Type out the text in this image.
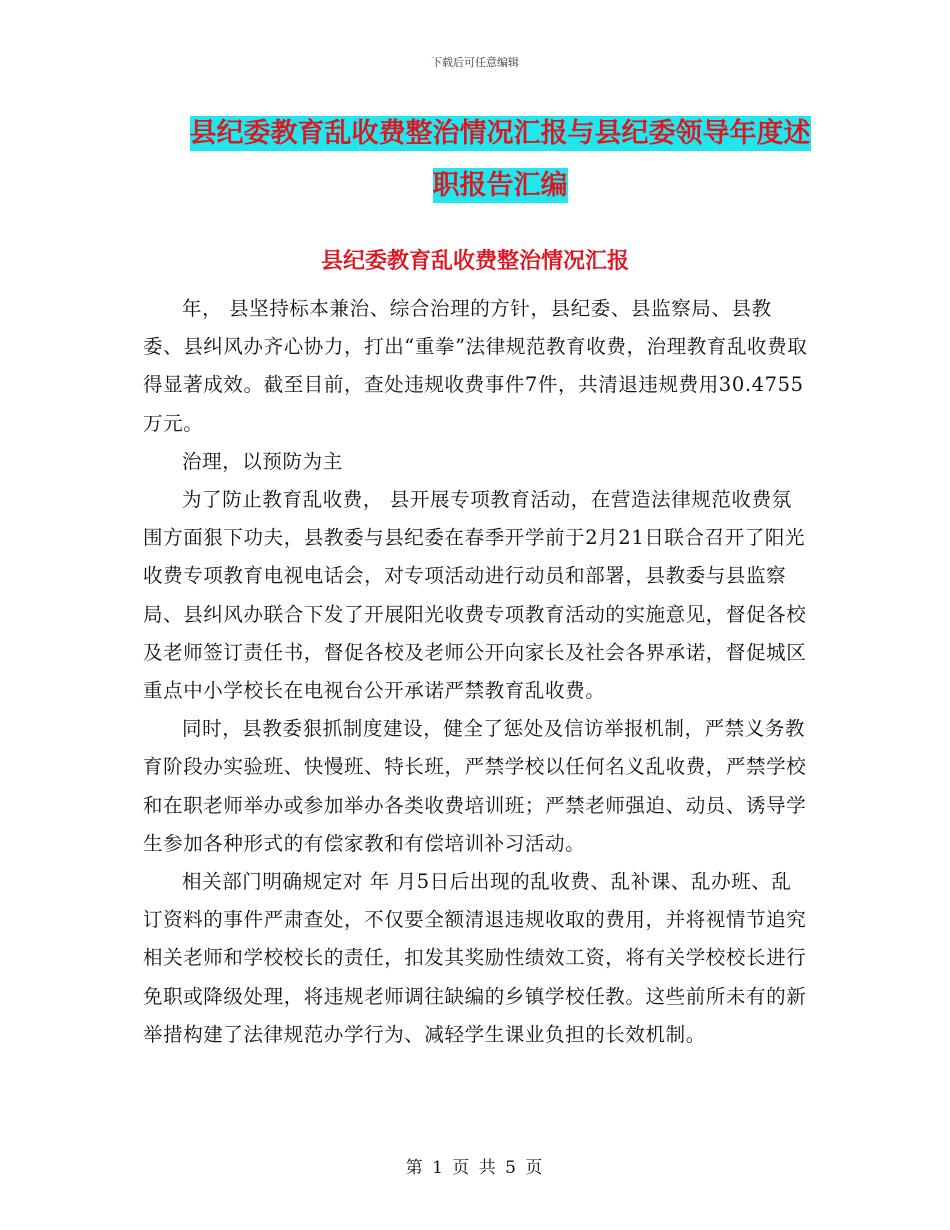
下载后可任意编辑
县纪委教育乱收费整治情况汇报与县纪委领导年度述
职报告汇编
县纪委教育乱收费整治情况汇报

年， 县坚持标本兼治、综合治理的方针，县纪委、县监察局、县教委、县纠风办齐心协力，打出“重拳”法律规范教育收费，治理教育乱收费取得显著成效。截至目前，查处违规收费事件7件，共清退违规费用30.4755万元。

治理，以预防为主

为了防止教育乱收费， 县开展专项教育活动，在营造法律规范收费氛围方面狠下功夫，县教委与县纪委在春季开学前于2月21日联合召开了阳光收费专项教育电视电话会，对专项活动进行动员和部署，县教委与县监察局、县纠风办联合下发了开展阳光收费专项教育活动的实施意见，督促各校及老师签订责任书，督促各校及老师公开向家长及社会各界承诺，督促城区重点中小学校长在电视台公开承诺严禁教育乱收费。

同时，县教委狠抓制度建设，健全了惩处及信访举报机制，严禁义务教育阶段办实验班、快慢班、特长班，严禁学校以任何名义乱收费，严禁学校和在职老师举办或参加举办各类收费培训班；严禁老师强迫、动员、诱导学生参加各种形式的有偿家教和有偿培训补习活动。

相关部门明确规定对 年 月5日后出现的乱收费、乱补课、乱办班、乱订资料的事件严肃查处，不仅要全额清退违规收取的费用，并将视情节追究相关老师和学校校长的责任，扣发其奖励性绩效工资，将有关学校校长进行免职或降级处理，将违规老师调往缺编的乡镇学校任教。这些前所未有的新举措构建了法律规范办学行为、减轻学生课业负担的长效机制。

第 1 页 共 5 页
